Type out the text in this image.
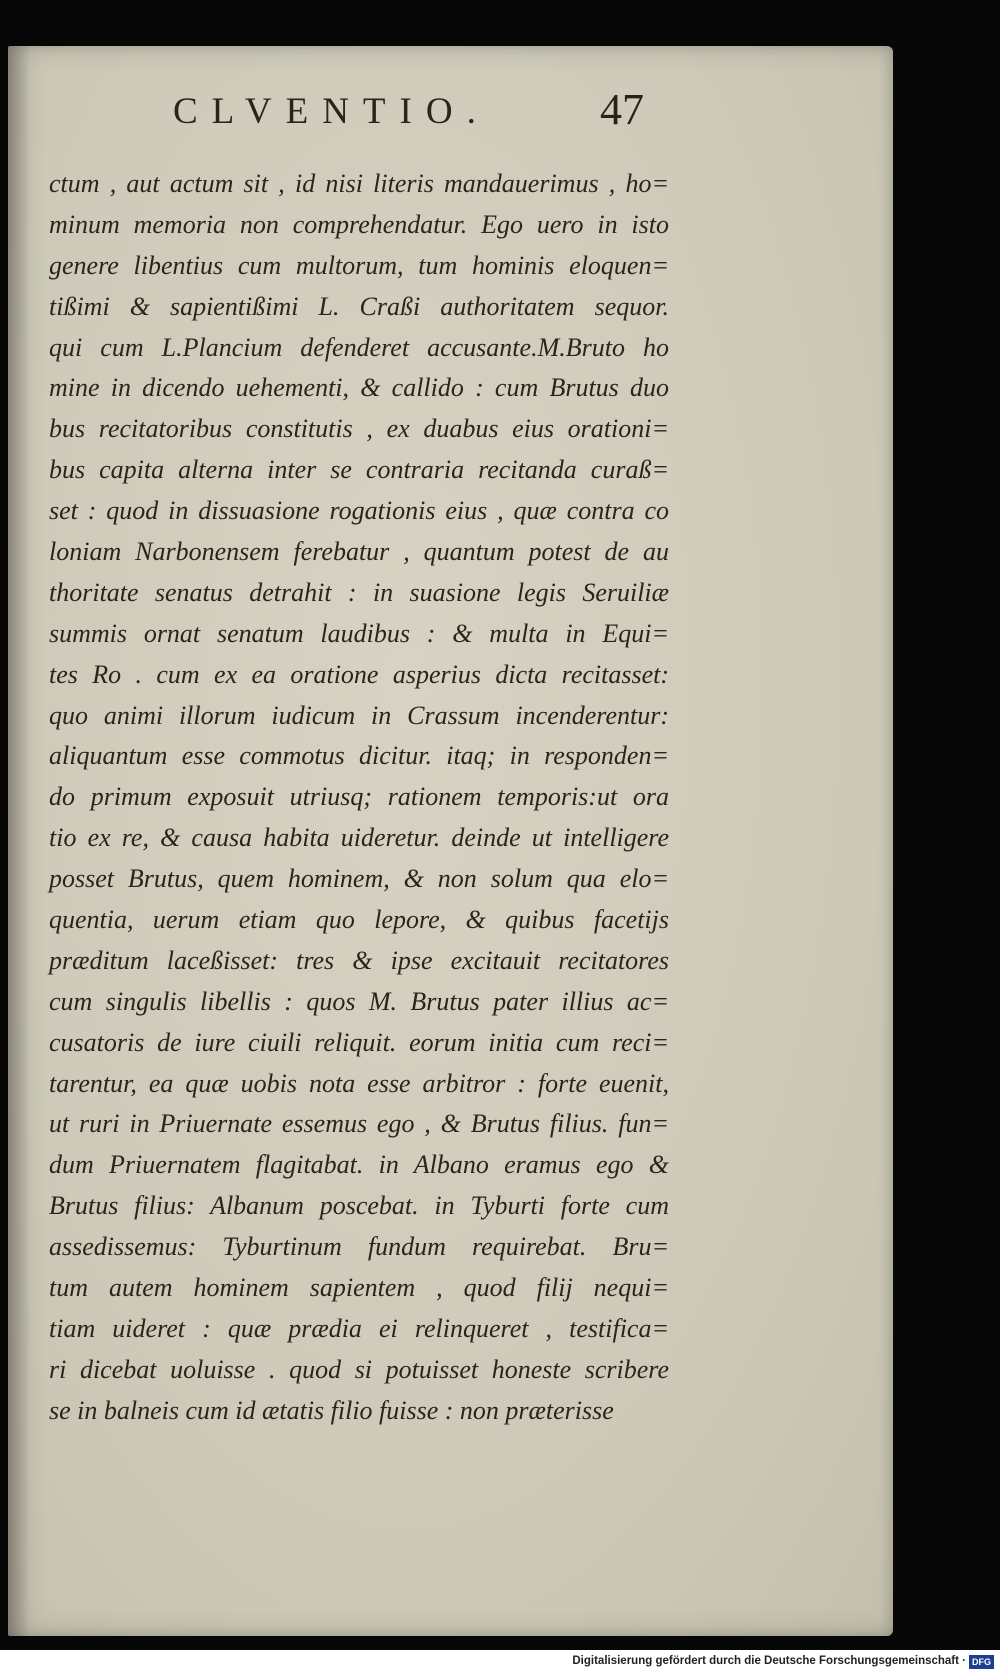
CLVENTIO.	47
ctum , aut actum sit , id nisi literis mandauerimus , ho=
minum memoria non comprehendatur. Ego uero in isto
genere libentius cum multorum, tum hominis eloquen=
tißimi & sapientißimi L. Craßi authoritatem sequor.
qui cum L.Plancium defenderet accusante.M.Bruto ho
mine in dicendo uehementi, & callido : cum Brutus duo
bus recitatoribus constitutis , ex duabus eius orationi=
bus capita alterna inter se contraria recitanda curaß=
set : quod in dissuasione rogationis eius , quæ contra co
loniam Narbonensem ferebatur , quantum potest de au
thoritate senatus detrahit : in suasione legis Seruiliæ
summis ornat senatum laudibus : & multa in Equi=
tes Ro . cum ex ea oratione asperius dicta recitasset:
quo animi illorum iudicum in Crassum incenderentur:
aliquantum esse commotus dicitur. itaq; in responden=
do primum exposuit utriusq; rationem temporis:ut ora
tio ex re, & causa habita uideretur. deinde ut intelligere
posset Brutus, quem hominem, & non solum qua elo=
quentia, uerum etiam quo lepore, & quibus facetijs
præditum laceßisset: tres & ipse excitauit recitatores
cum singulis libellis : quos M. Brutus pater illius ac=
cusatoris de iure ciuili reliquit. eorum initia cum reci=
tarentur, ea quæ uobis nota esse arbitror : forte euenit,
ut ruri in Priuernate essemus ego , & Brutus filius. fun=
dum Priuernatem flagitabat. in Albano eramus ego &
Brutus filius: Albanum poscebat. in Tyburti forte cum
assedissemus: Tyburtinum fundum requirebat. Bru=
tum autem hominem sapientem , quod filij nequi=
tiam uideret : quæ prædia ei relinqueret , testifica=
ri dicebat uoluisse . quod si potuisset honeste scribere
se in balneis cum id ætatis filio fuisse : non præterisse
Digitalisierung gefördert durch die Deutsche Forschungsgemeinschaft · DFG
